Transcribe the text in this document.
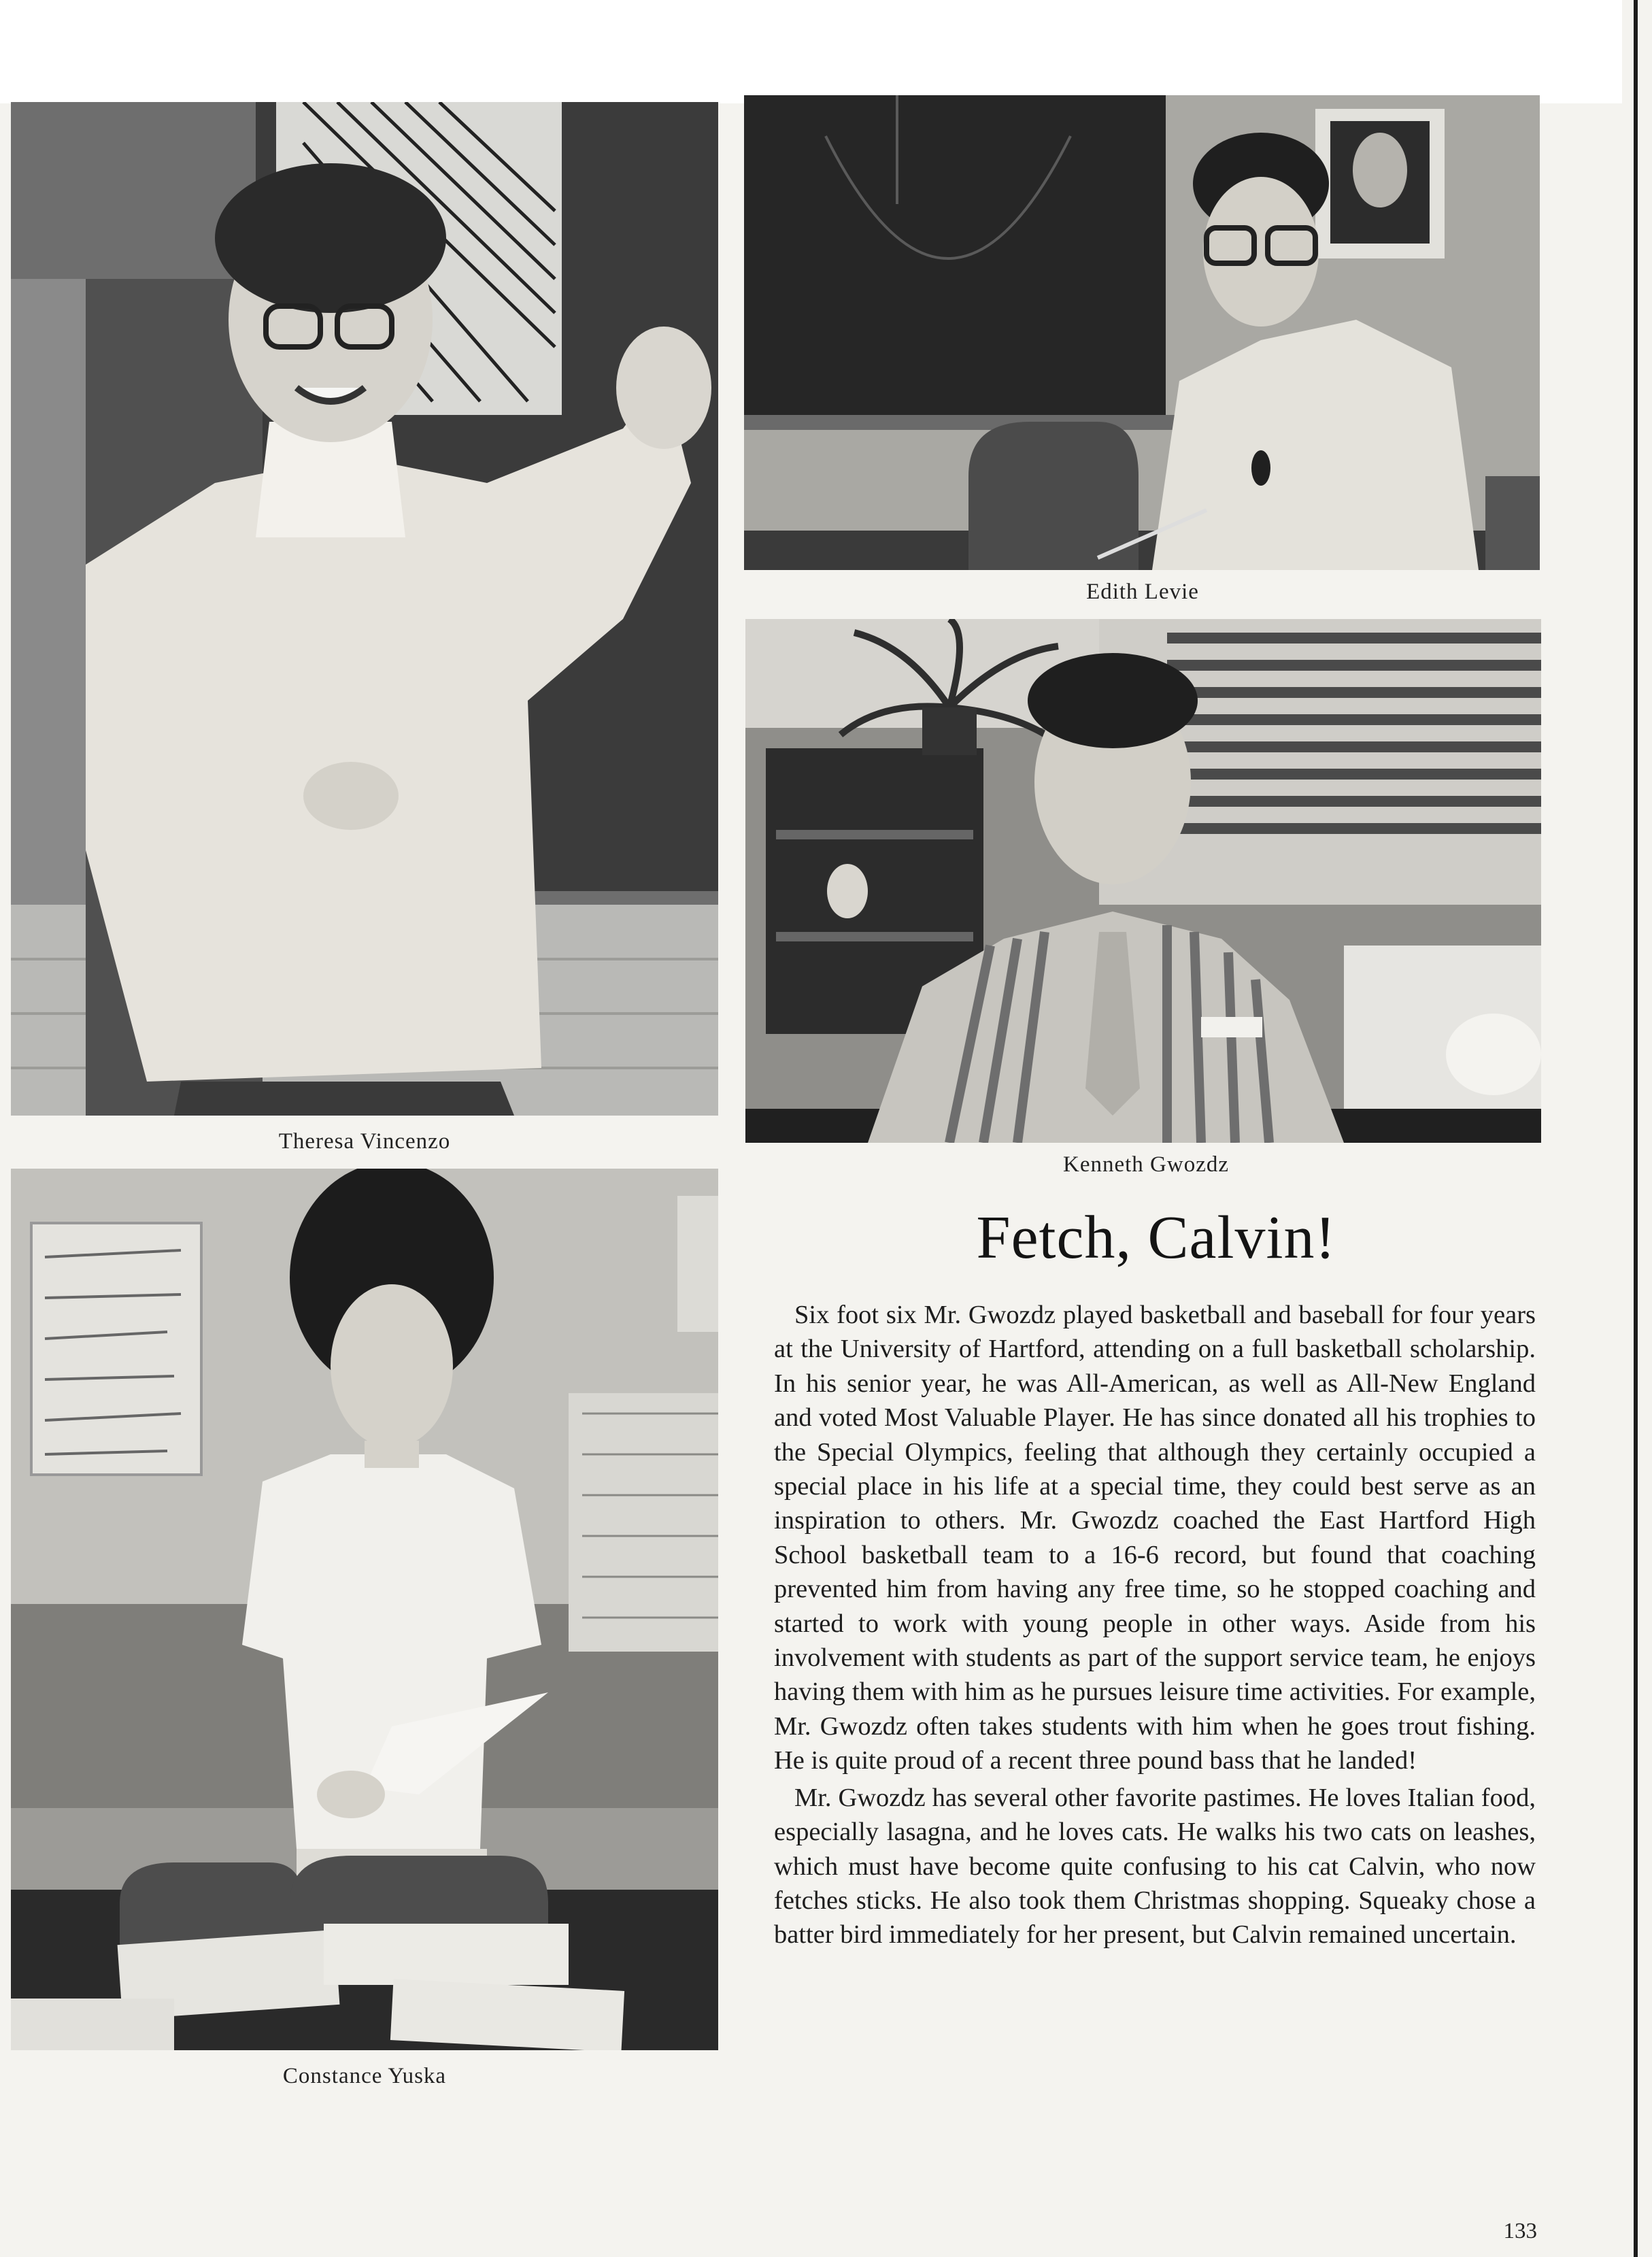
Theresa Vincenzo
Edith Levie
Kenneth Gwozdz
Constance Yuska
Fetch, Calvin!

Six foot six Mr. Gwozdz played basketball and baseball for four years at the University of Hartford, attending on a full basketball scholarship. In his senior year, he was All-American, as well as All-New England and voted Most Valuable Player. He has since donated all his trophies to the Special Olympics, feeling that although they certainly occupied a special place in his life at a special time, they could best serve as an inspiration to others. Mr. Gwozdz coached the East Hartford High School basketball team to a 16-6 record, but found that coaching prevented him from having any free time, so he stopped coaching and started to work with young people in other ways. Aside from his involvement with students as part of the support service team, he enjoys having them with him as he pursues leisure time activities. For example, Mr. Gwozdz often takes students with him when he goes trout fishing. He is quite proud of a recent three pound bass that he landed!

Mr. Gwozdz has several other favorite pastimes. He loves Italian food, especially lasagna, and he loves cats. He walks his two cats on leashes, which must have become quite confusing to his cat Calvin, who now fetches sticks. He also took them Christmas shopping. Squeaky chose a batter bird immediately for her present, but Calvin remained uncertain.

133
